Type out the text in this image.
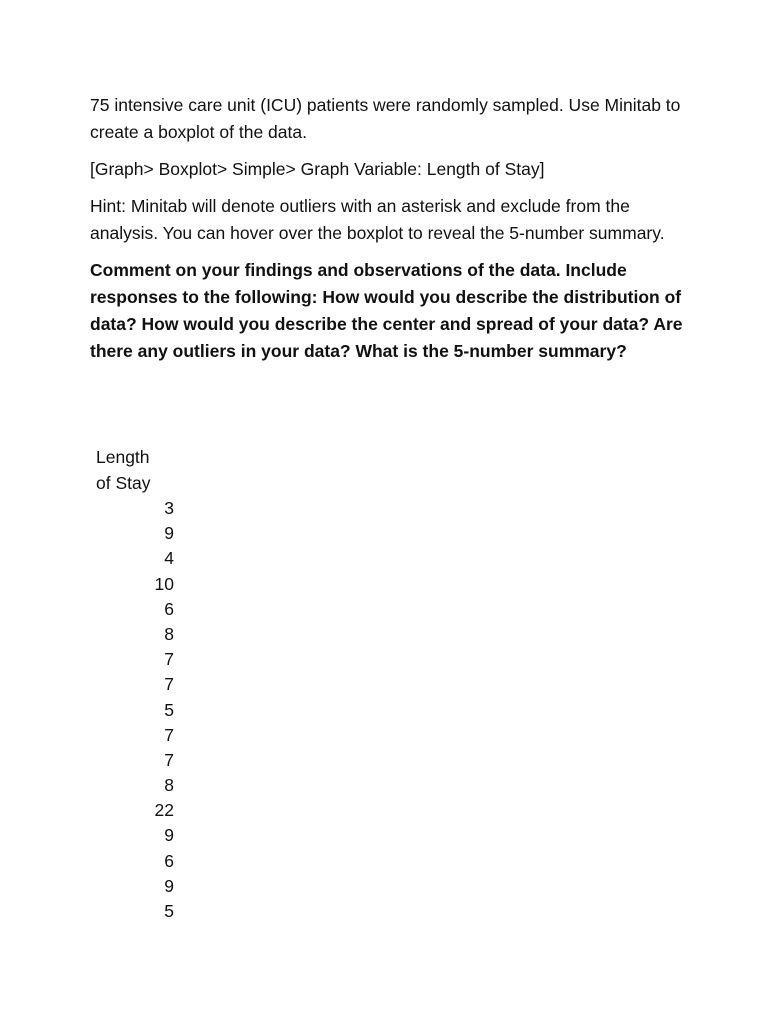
75 intensive care unit (ICU) patients were randomly sampled. Use Minitab to create a boxplot of the data.

[Graph> Boxplot> Simple> Graph Variable: Length of Stay]

Hint: Minitab will denote outliers with an asterisk and exclude from the analysis. You can hover over the boxplot to reveal the 5-number summary.

Comment on your findings and observations of the data. Include responses to the following: How would you describe the distribution of data? How would you describe the center and spread of your data? Are there any outliers in your data? What is the 5-number summary?

Length
of Stay
3
9
4
10
6
8
7
7
5
7
7
8
22
9
6
9
5
